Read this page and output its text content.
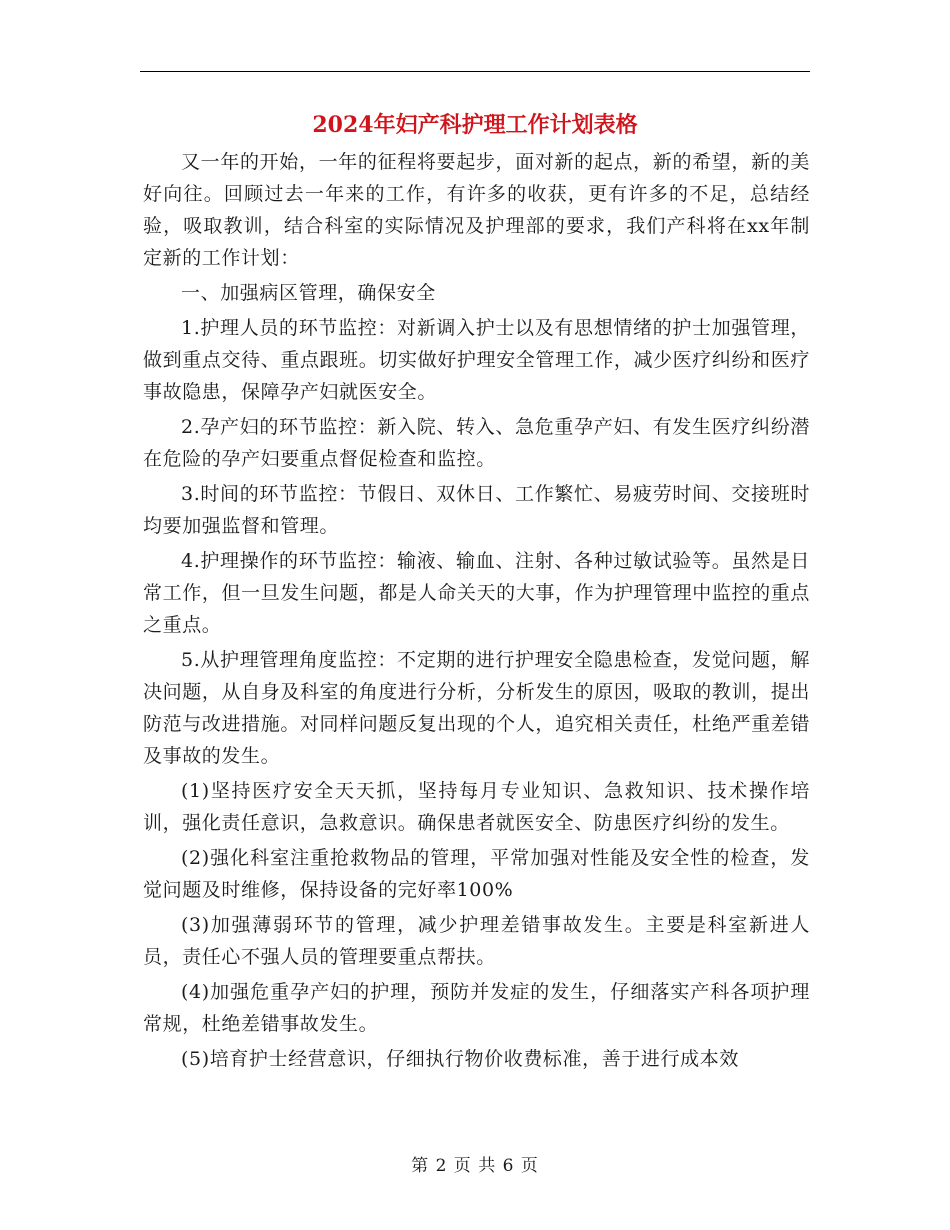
2024年妇产科护理工作计划表格

又一年的开始，一年的征程将要起步，面对新的起点，新的希望，新的美好向往。回顾过去一年来的工作，有许多的收获，更有许多的不足，总结经验，吸取教训，结合科室的实际情况及护理部的要求，我们产科将在xx年制定新的工作计划：

一、加强病区管理，确保安全

1.护理人员的环节监控：对新调入护士以及有思想情绪的护士加强管理，做到重点交待、重点跟班。切实做好护理安全管理工作，减少医疗纠纷和医疗事故隐患，保障孕产妇就医安全。

2.孕产妇的环节监控：新入院、转入、急危重孕产妇、有发生医疗纠纷潜在危险的孕产妇要重点督促检查和监控。

3.时间的环节监控：节假日、双休日、工作繁忙、易疲劳时间、交接班时均要加强监督和管理。

4.护理操作的环节监控：输液、输血、注射、各种过敏试验等。虽然是日常工作，但一旦发生问题，都是人命关天的大事，作为护理管理中监控的重点之重点。

5.从护理管理角度监控：不定期的进行护理安全隐患检查，发觉问题，解决问题，从自身及科室的角度进行分析，分析发生的原因，吸取的教训，提出防范与改进措施。对同样问题反复出现的个人，追究相关责任，杜绝严重差错及事故的发生。

(1)坚持医疗安全天天抓，坚持每月专业知识、急救知识、技术操作培训，强化责任意识，急救意识。确保患者就医安全、防患医疗纠纷的发生。

(2)强化科室注重抢救物品的管理，平常加强对性能及安全性的检查，发觉问题及时维修，保持设备的完好率100%

(3)加强薄弱环节的管理，减少护理差错事故发生。主要是科室新进人员，责任心不强人员的管理要重点帮扶。

(4)加强危重孕产妇的护理，预防并发症的发生，仔细落实产科各项护理常规，杜绝差错事故发生。

(5)培育护士经营意识，仔细执行物价收费标准，善于进行成本效

第 2 页 共 6 页
